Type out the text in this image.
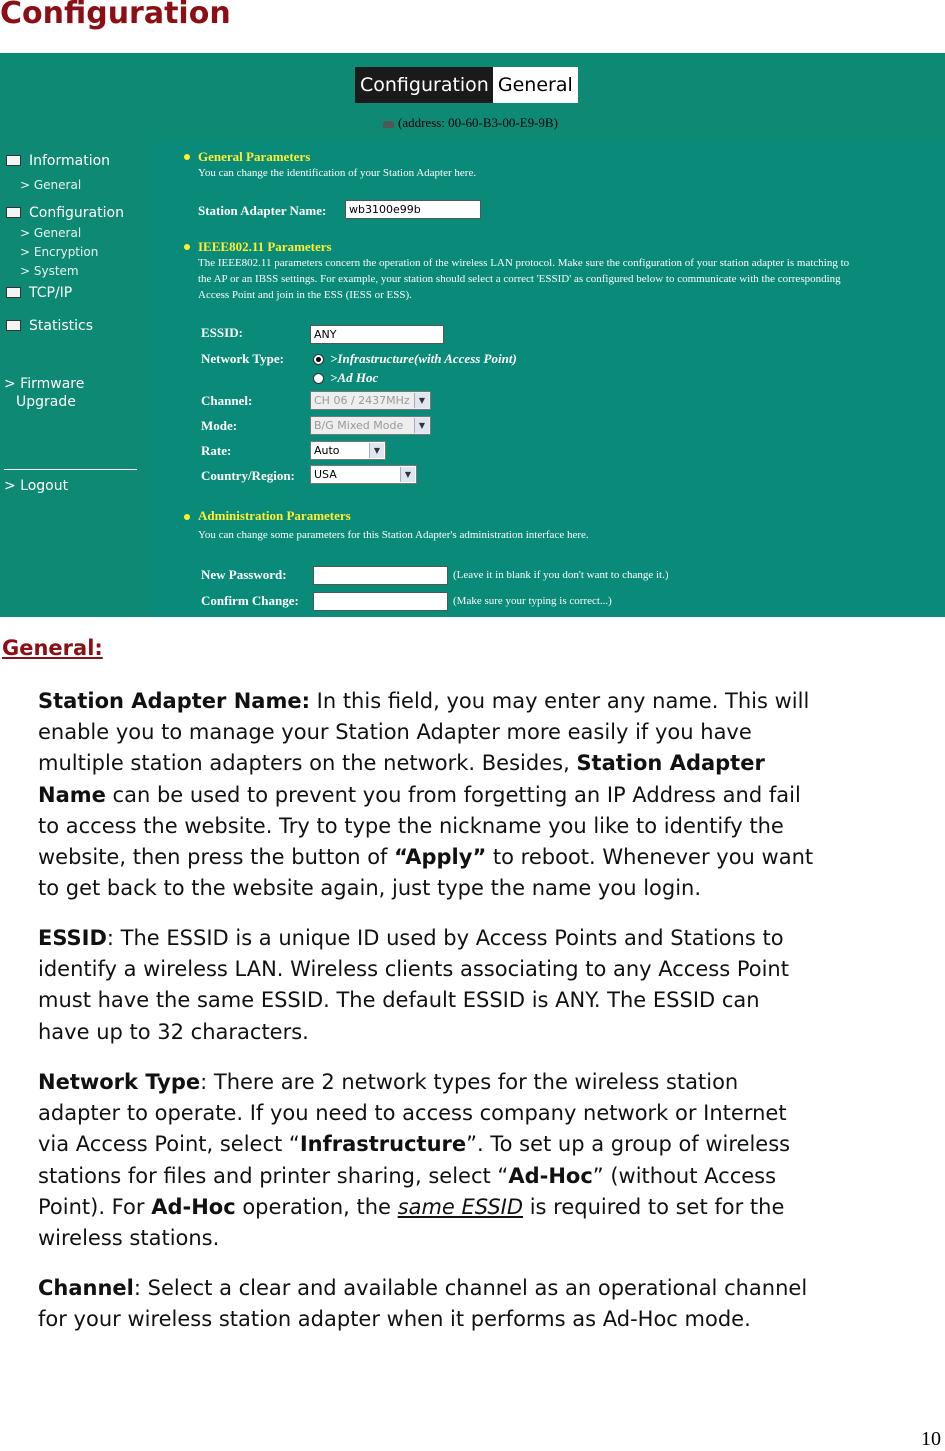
Configuration
Configuration General
(address: 00-60-B3-00-E9-9B)
Information
> General
Configuration
> General
> Encryption
> System
TCP/IP
Statistics
> Firmware
Upgrade
> Logout
General Parameters
You can change the identification of your Station Adapter here.
Station Adapter Name:	wb3100e99b
IEEE802.11 Parameters
The IEEE802.11 parameters concern the operation of the wireless LAN protocol. Make sure the configuration of your station adapter is matching to
the AP or an IBSS settings. For example, your station should select a correct 'ESSID' as configured below to communicate with the corresponding
Access Point and join in the ESS (IESS or ESS).
ESSID:	ANY
Network Type:	>Infrastructure(with Access Point)
>Ad Hoc
Channel:	CH 06 / 2437MHz	▼
Mode:	B/G Mixed Mode	▼
Rate:	Auto	▼
Country/Region:	USA	▼
Administration Parameters
You can change some parameters for this Station Adapter's administration interface here.
New Password:	(Leave it in blank if you don't want to change it.)
Confirm Change:	(Make sure your typing is correct...)
General:
Station Adapter Name: In this field, you may enter any name. This will
enable you to manage your Station Adapter more easily if you have
multiple station adapters on the network. Besides, Station Adapter
Name can be used to prevent you from forgetting an IP Address and fail
to access the website. Try to type the nickname you like to identify the
website, then press the button of “Apply” to reboot. Whenever you want
to get back to the website again, just type the name you login.
ESSID: The ESSID is a unique ID used by Access Points and Stations to
identify a wireless LAN. Wireless clients associating to any Access Point
must have the same ESSID. The default ESSID is ANY. The ESSID can
have up to 32 characters.
Network Type: There are 2 network types for the wireless station
adapter to operate. If you need to access company network or Internet
via Access Point, select “Infrastructure”. To set up a group of wireless
stations for files and printer sharing, select “Ad-Hoc” (without Access
Point). For Ad-Hoc operation, the same ESSID is required to set for the
wireless stations.
Channel: Select a clear and available channel as an operational channel
for your wireless station adapter when it performs as Ad-Hoc mode.
10
